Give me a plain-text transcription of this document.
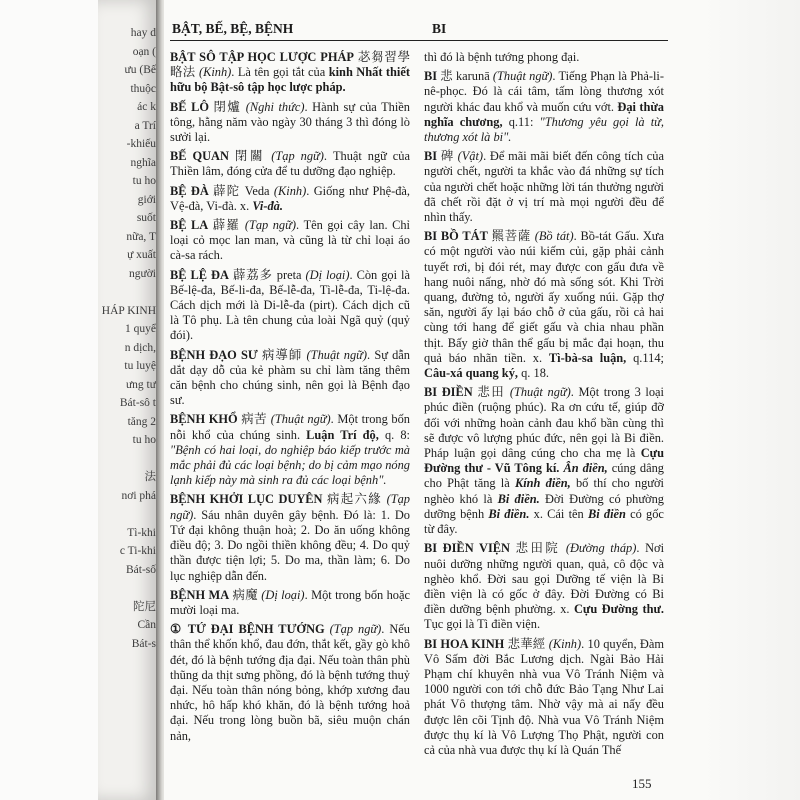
hay d
oạn (
ưu (Bế
thuộc
ác k
a Trí
-khiếu
nghĩa
tu ho
giới
suốt
nữa, T
ự xuất
người

HÁP KINH
1 quyể
n dịch,
tu luyệ
ưng tư
Bát-sô t
tăng 2
tu ho

法
nơi phá

Tì-khi
c Ti-khi
Bát-số

陀尼
Cần
Bát-s
BẬT, BẾ, BỆ, BỆNH	BI

BẬT SÔ TẬP HỌC LƯỢC PHÁP 苾芻習學略法 (Kinh). Là tên gọi tắt của kinh Nhất thiết hữu bộ Bật-sô tập học lược pháp.

BẾ LÔ 閉爐 (Nghi thức). Hành sự của Thiền tông, hằng năm vào ngày 30 tháng 3 thì đóng lò sưởi lại.

BẾ QUAN 閉關 (Tạp ngữ). Thuật ngữ của Thiền lâm, đóng cửa để tu dưỡng đạo nghiệp.

BỆ ĐÀ 薜陀 Veda (Kinh). Giống như Phệ-đà, Vệ-đà, Vi-đà. x. Vi-đà.

BỆ LA 薜羅 (Tạp ngữ). Tên gọi cây lan. Chỉ loại cỏ mọc lan man, và cũng là từ chỉ loại áo cà-sa rách.

BỆ LỆ ĐA 薜荔多 preta (Dị loại). Còn gọi là Bế-lệ-đa, Bế-li-đa, Bế-lễ-đa, Tì-lễ-đa, Ti-lệ-đa. Cách dịch mới là Di-lễ-đa (pirt). Cách dịch cũ là Tô phụ. Là tên chung của loài Ngã quỷ (quỷ đói).

BỆNH ĐẠO SƯ 病導師 (Thuật ngữ). Sự dẫn dắt dạy dỗ của kẻ phàm su chỉ làm tăng thêm căn bệnh cho chúng sinh, nên gọi là Bệnh đạo sư.

BỆNH KHỔ 病苦 (Thuật ngữ). Một trong bốn nỗi khổ của chúng sinh. Luận Trí độ, q. 8: "Bệnh có hai loại, do nghiệp báo kiếp trước mà mắc phải đủ các loại bệnh; do bị cảm mạo nóng lạnh kiếp này mà sinh ra đủ các loại bệnh".

BỆNH KHỞI LỤC DUYÊN 病起六緣 (Tạp ngữ). Sáu nhân duyên gây bệnh. Đó là: 1. Do Tứ đại không thuận hoà; 2. Do ăn uống không điều độ; 3. Do ngồi thiền không đều; 4. Do quỷ thần được tiện lợi; 5. Do ma, thần làm; 6. Do lục nghiệp dẫn đến.

BỆNH MA 病魔 (Dị loại). Một trong bốn hoặc mười loại ma.

① TỨ ĐẠI BỆNH TƯỚNG (Tạp ngữ). Nếu thân thể khốn khổ, đau đớn, thắt kết, gầy gò khô đét, đó là bệnh tướng địa đại. Nếu toàn thân phù thũng da thịt sưng phồng, đó là bệnh tướng thuỷ đại. Nếu toàn thân nóng bỏng, khớp xương đau nhức, hô hấp khó khăn, đó là bệnh tướng hoả đại. Nếu trong lòng buồn bã, siêu muộn chán nản,

thì đó là bệnh tướng phong đại.

BI 悲 karunā (Thuật ngữ). Tiếng Phạn là Phả-li-nê-phọc. Đó là cái tâm, tấm lòng thương xót người khác đau khổ và muốn cứu vớt. Đại thừa nghĩa chương, q.11: "Thương yêu gọi là từ, thương xót là bi".

BI 碑 (Vật). Để mãi mãi biết đến công tích của người chết, người ta khắc vào đá những sự tích của người chết hoặc những lời tán thưởng người đã chết rồi đặt ở vị trí mà mọi người đều để nhìn thấy.

BI BỒ TÁT 羆菩薩 (Bồ tát). Bồ-tát Gấu. Xưa có một người vào núi kiếm củi, gặp phải cảnh tuyết rơi, bị đói rét, may được con gấu đưa về hang nuôi nấng, nhờ đó mà sống sót. Khi Trời quang, đường tỏ, người ấy xuống núi. Gặp thợ săn, người ấy lại báo chỗ ở của gấu, rồi cả hai cùng tới hang để giết gấu và chia nhau phần thịt. Bấy giờ thân thể gấu bị mắc đại hoạn, thu quả báo nhãn tiền. x. Tì-bà-sa luận, q.114; Câu-xá quang ký, q. 18.

BI ĐIỀN 悲田 (Thuật ngữ). Một trong 3 loại phúc điền (ruộng phúc). Ra ơn cứu tế, giúp đỡ đối với những hoàn cảnh đau khổ bần cùng thì sẽ được vô lượng phúc đức, nên gọi là Bi điền. Pháp luận gọi dâng cúng cho cha mẹ là Cựu Đường thư - Vũ Tông kí. Ân điền, cúng dâng cho Phật tăng là Kính điền, bố thí cho người nghèo khó là Bi điền. Đời Đường có phường dưỡng bệnh Bi điền. x. Cái tên Bi điền có gốc từ đây.

BI ĐIỀN VIỆN 悲田院 (Đường tháp). Nơi nuôi dưỡng những người quan, quả, cô độc và nghèo khổ. Đời sau gọi Dưỡng tế viện là Bi điền viện là có gốc ở đây. Đời Đường có Bi điền dưỡng bệnh phường. x. Cựu Đường thư. Tục gọi là Tì điền viện.

BI HOA KINH 悲華經 (Kinh). 10 quyển, Đàm Vô Sấm đời Bắc Lương dịch. Ngài Bảo Hải Phạm chí khuyên nhà vua Vô Tránh Niệm và 1000 người con tới chỗ đức Bảo Tạng Như Lai phát Vô thượng tâm. Nhờ vậy mà ai nấy đều được lên cõi Tịnh độ. Nhà vua Vô Tránh Niệm được thụ kí là Vô Lượng Thọ Phật, người con cả của nhà vua được thụ kí là Quán Thế

155
